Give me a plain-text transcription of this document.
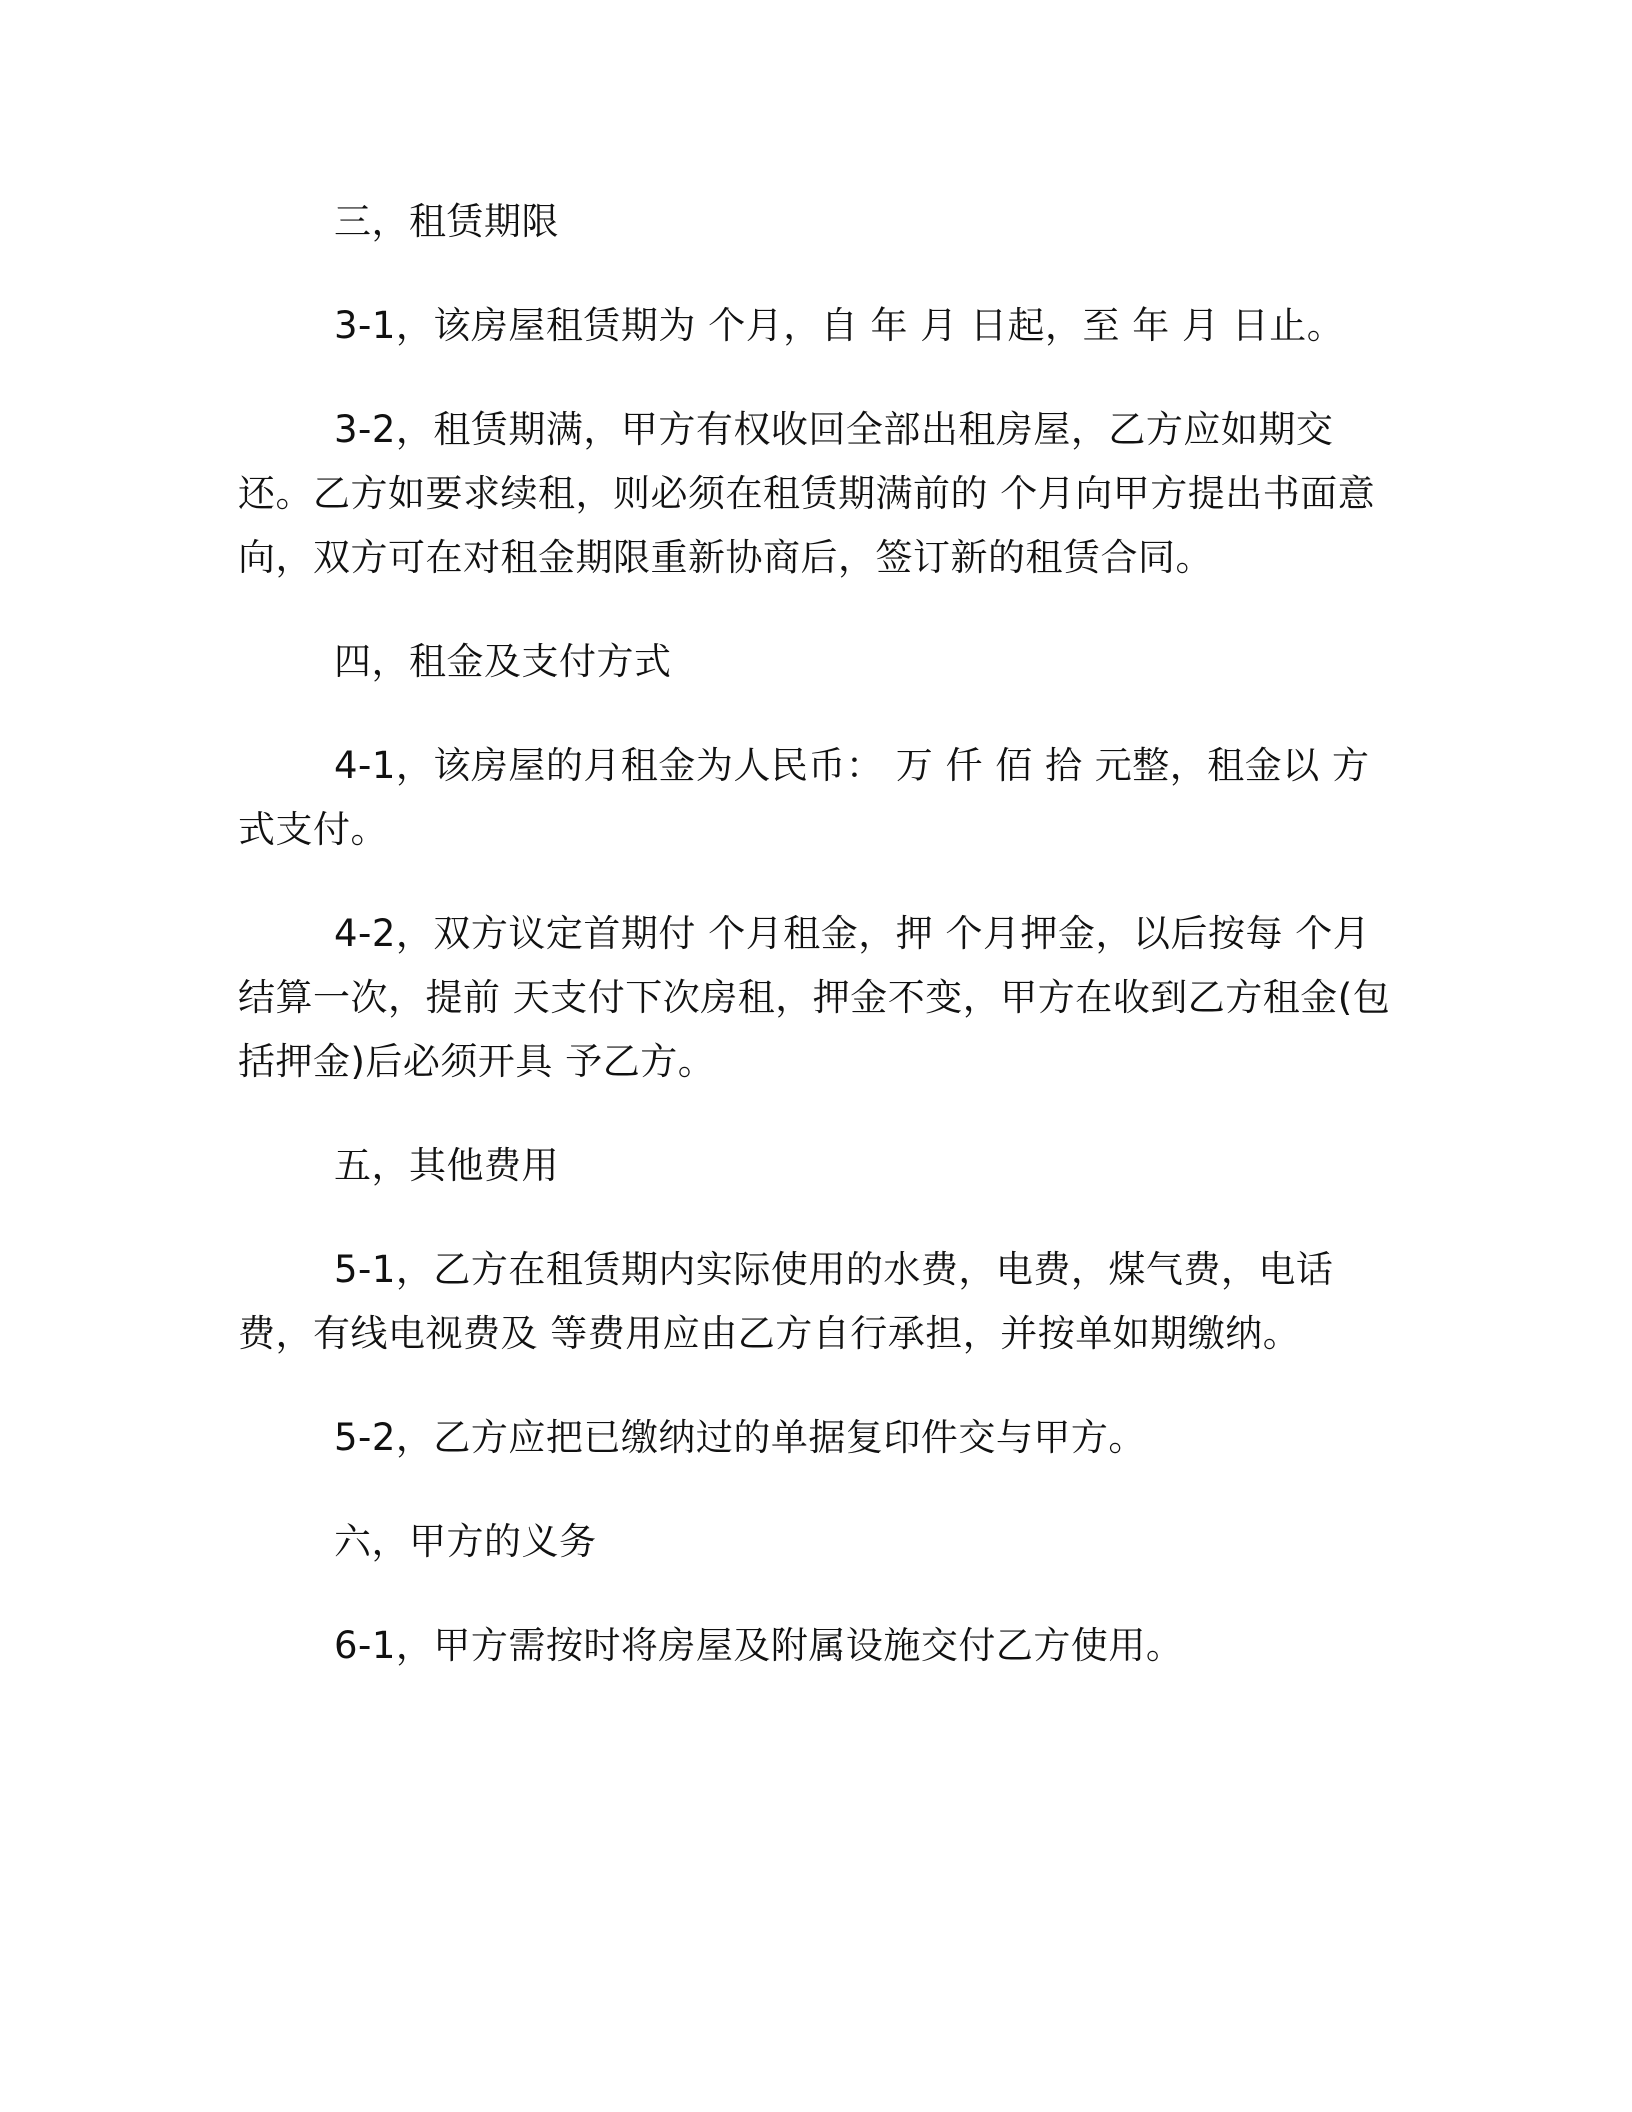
三，租赁期限

3-1，该房屋租赁期为 个月，自 年 月 日起，至 年 月 日止。

3-2，租赁期满，甲方有权收回全部出租房屋，乙方应如期交还。乙方如要求续租，则必须在租赁期满前的 个月向甲方提出书面意向，双方可在对租金期限重新协商后，签订新的租赁合同。

四，租金及支付方式

4-1，该房屋的月租金为人民币： 万 仟 佰 拾 元整，租金以 方式支付。

4-2，双方议定首期付 个月租金，押 个月押金，以后按每 个月结算一次，提前 天支付下次房租，押金不变，甲方在收到乙方租金(包括押金)后必须开具 予乙方。

五，其他费用

5-1，乙方在租赁期内实际使用的水费，电费，煤气费，电话费，有线电视费及 等费用应由乙方自行承担，并按单如期缴纳。

5-2，乙方应把已缴纳过的单据复印件交与甲方。

六，甲方的义务

6-1，甲方需按时将房屋及附属设施交付乙方使用。
